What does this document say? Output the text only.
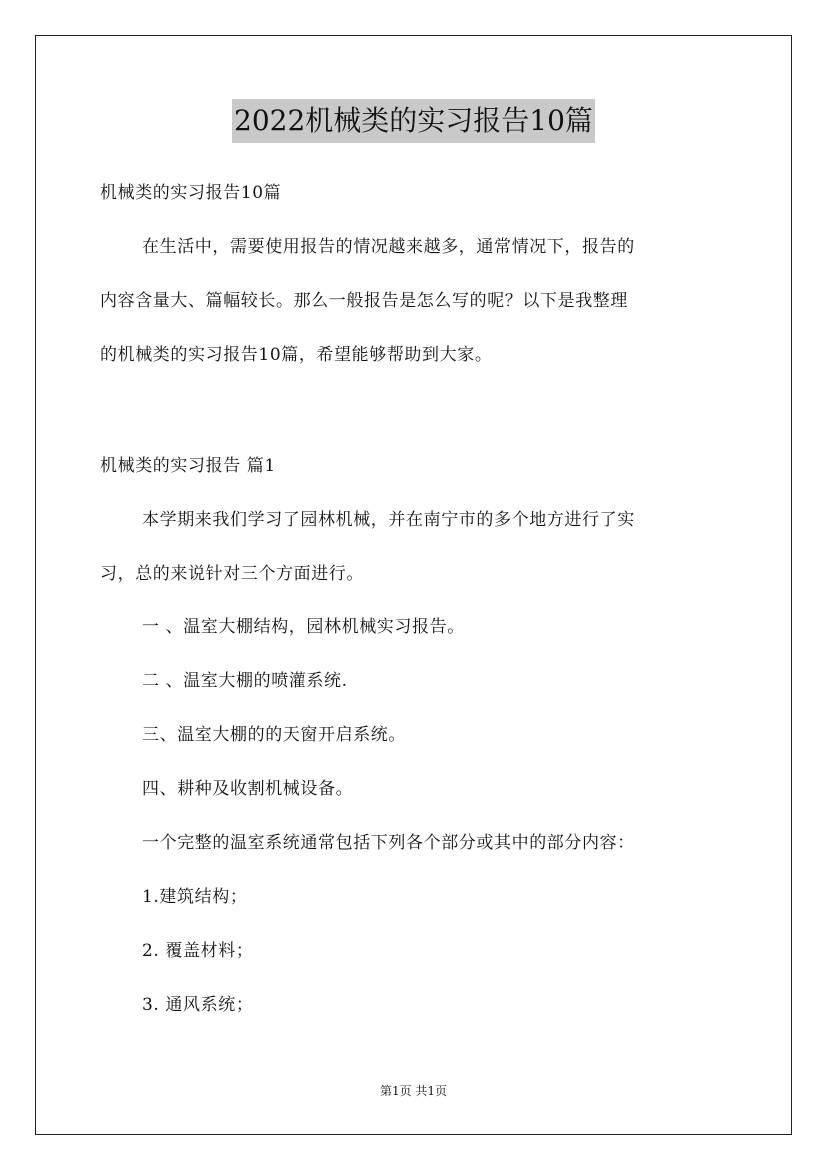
2022机械类的实习报告10篇
机械类的实习报告10篇
在生活中，需要使用报告的情况越来越多，通常情况下，报告的
内容含量大、篇幅较长。那么一般报告是怎么写的呢？以下是我整理
的机械类的实习报告10篇，希望能够帮助到大家。
机械类的实习报告 篇1
本学期来我们学习了园林机械，并在南宁市的多个地方进行了实
习，总的来说针对三个方面进行。
一 、温室大棚结构，园林机械实习报告。
二 、温室大棚的喷灌系统.
三、温室大棚的的天窗开启系统。
四、耕种及收割机械设备。
一个完整的温室系统通常包括下列各个部分或其中的部分内容：
1.建筑结构；
2. 覆盖材料；
3. 通风系统；
第1页 共1页
